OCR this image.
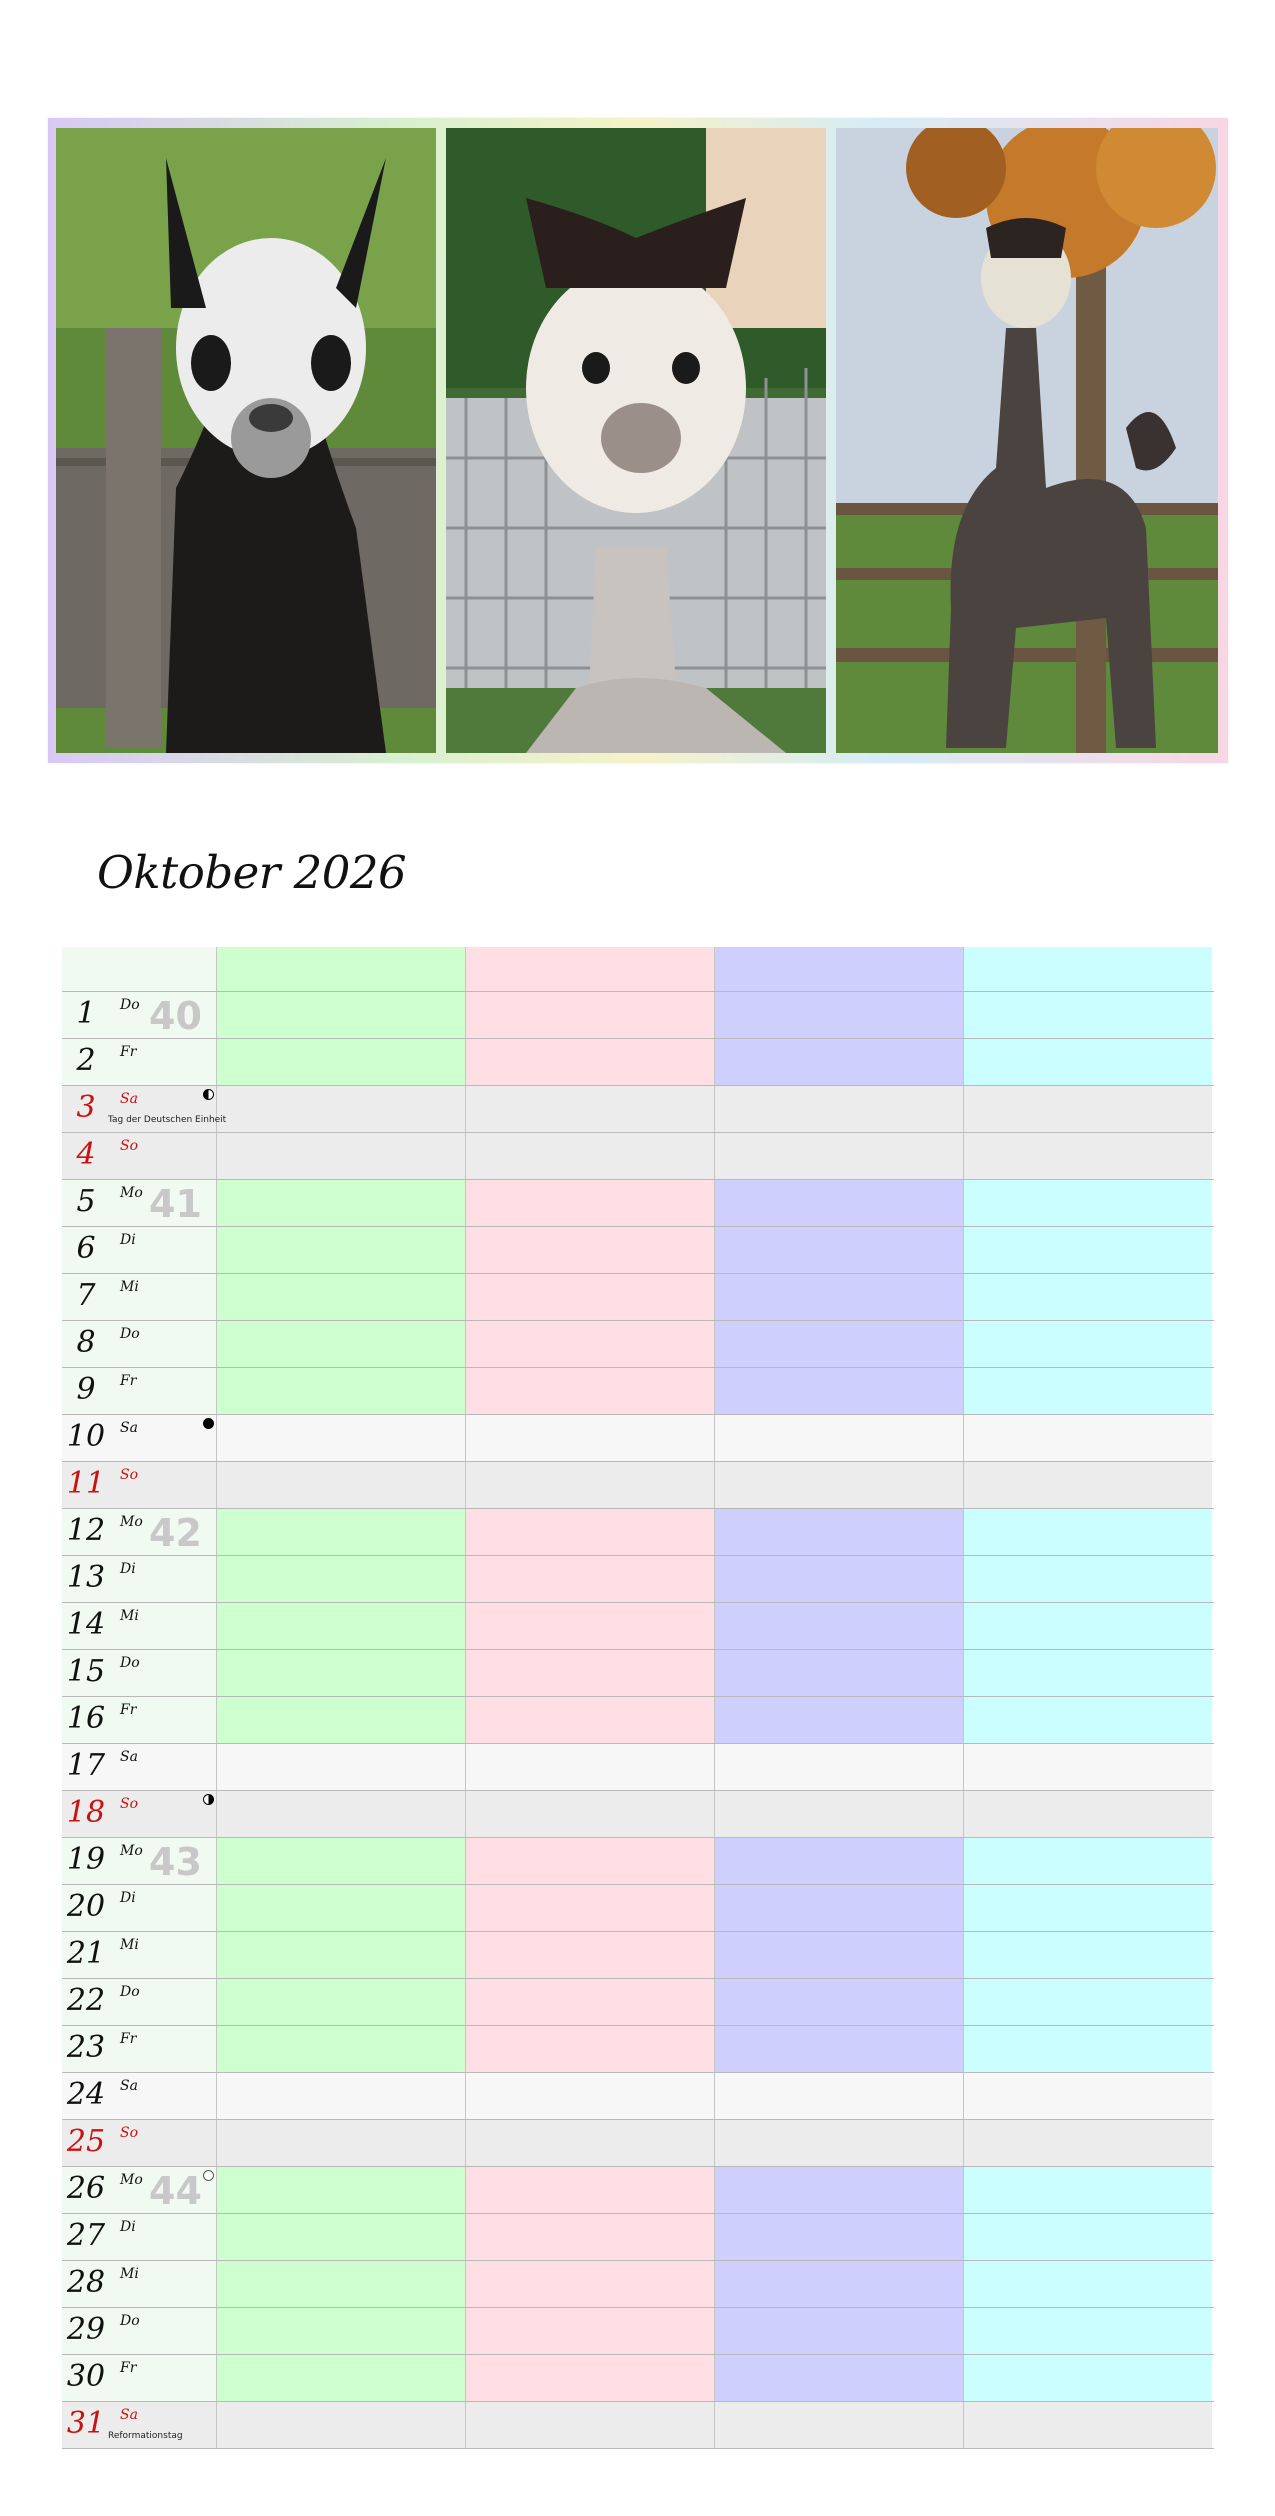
Oktober 2026
1	Do 40
2	Fr
3	Sa
Tag der Deutschen Einheit
4	So
5	Mo 41
6	Di
7	Mi
8	Do
9	Fr
10 Sa
11 So
12 Mo 42
13 Di
14 Mi
15 Do
16 Fr
17 Sa
18 So
19 Mo 43
20 Di
21 Mi
22 Do
23 Fr
24 Sa
25 So
26 Mo 44
27 Di
28 Mi
29 Do
30 Fr
31 Sa
Reformationstag
